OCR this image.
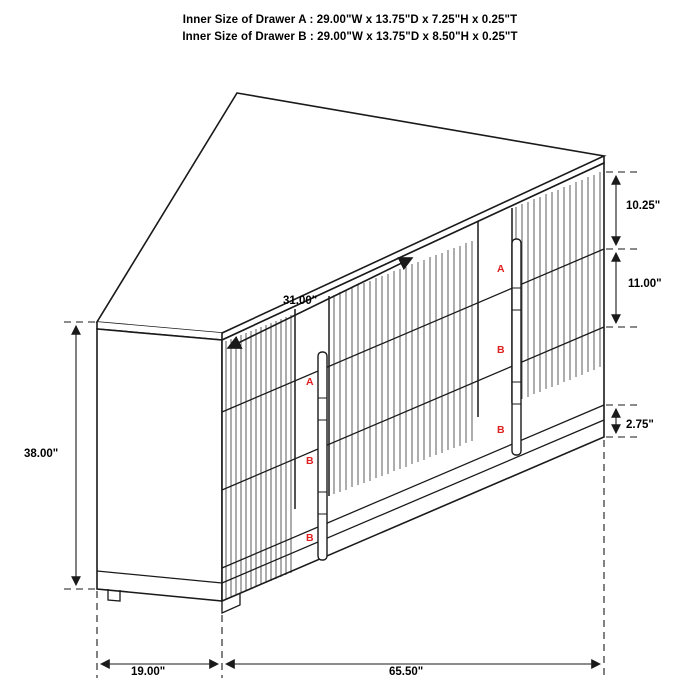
Inner Size of Drawer A : 29.00"W x 13.75"D x 7.25"H x 0.25"T
Inner Size of Drawer B : 29.00"W x 13.75"D x 8.50"H x 0.25"T
38.00"
19.00"	65.50"
31.00"
10.25"
11.00"
2.75"
A
B
B
A
B
B
